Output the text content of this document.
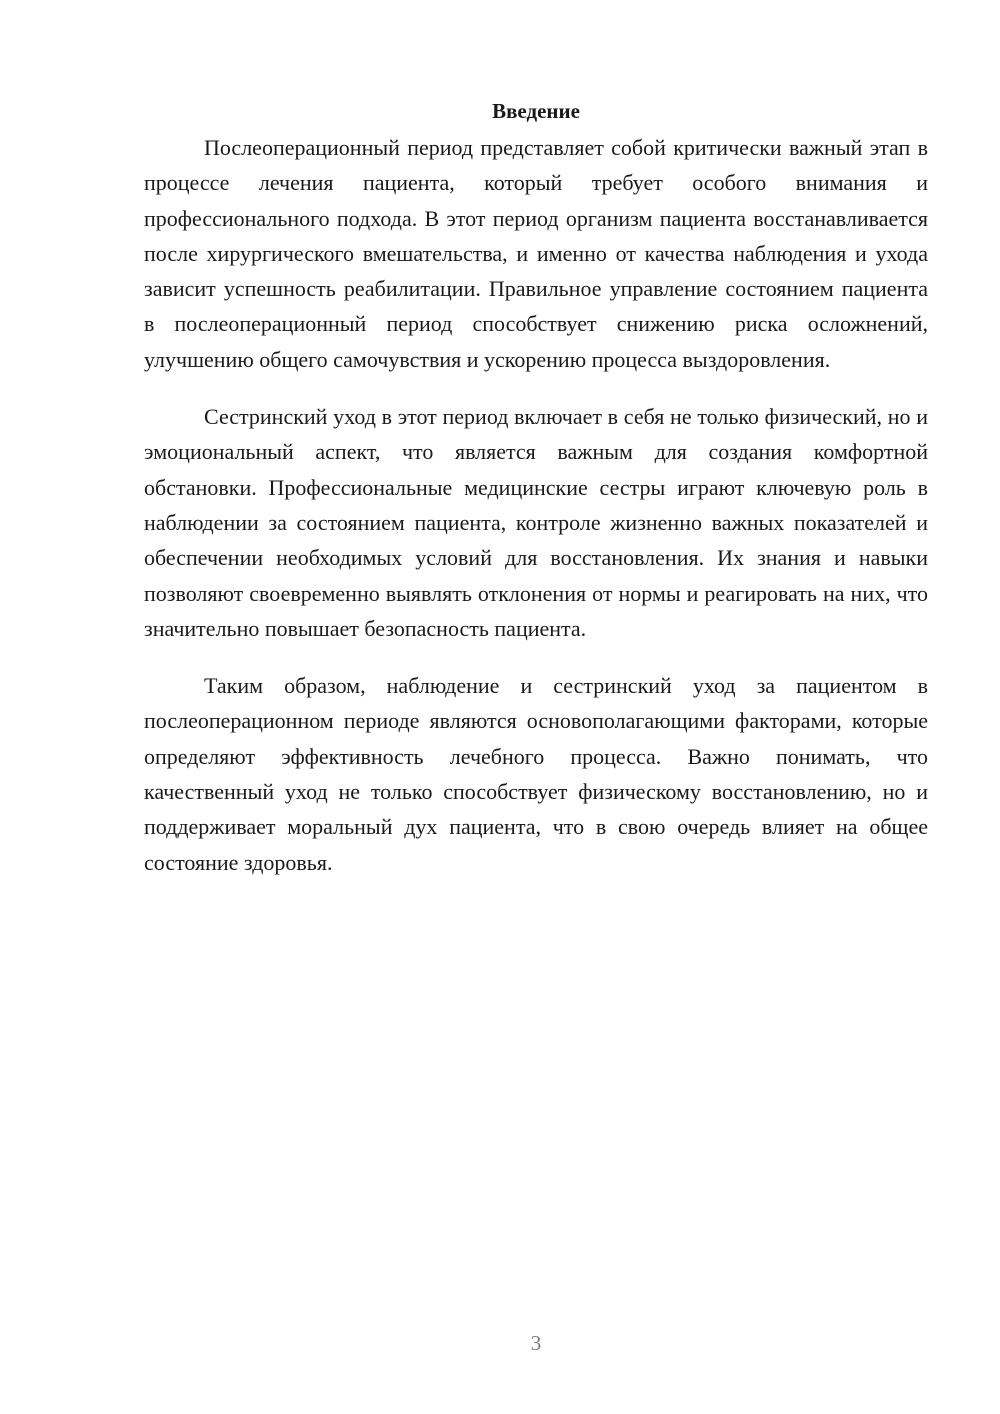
Введение

Послеоперационный период представляет собой критически важный этап в процессе лечения пациента, который требует особого внимания и профессионального подхода. В этот период организм пациента восстанавливается после хирургического вмешательства, и именно от качества наблюдения и ухода зависит успешность реабилитации. Правильное управление состоянием пациента в послеоперационный период способствует снижению риска осложнений, улучшению общего самочувствия и ускорению процесса выздоровления.

Сестринский уход в этот период включает в себя не только физический, но и эмоциональный аспект, что является важным для создания комфортной обстановки. Профессиональные медицинские сестры играют ключевую роль в наблюдении за состоянием пациента, контроле жизненно важных показателей и обеспечении необходимых условий для восстановления. Их знания и навыки позволяют своевременно выявлять отклонения от нормы и реагировать на них, что значительно повышает безопасность пациента.

Таким образом, наблюдение и сестринский уход за пациентом в послеоперационном периоде являются основополагающими факторами, которые определяют эффективность лечебного процесса. Важно понимать, что качественный уход не только способствует физическому восстановлению, но и поддерживает моральный дух пациента, что в свою очередь влияет на общее состояние здоровья.

3
